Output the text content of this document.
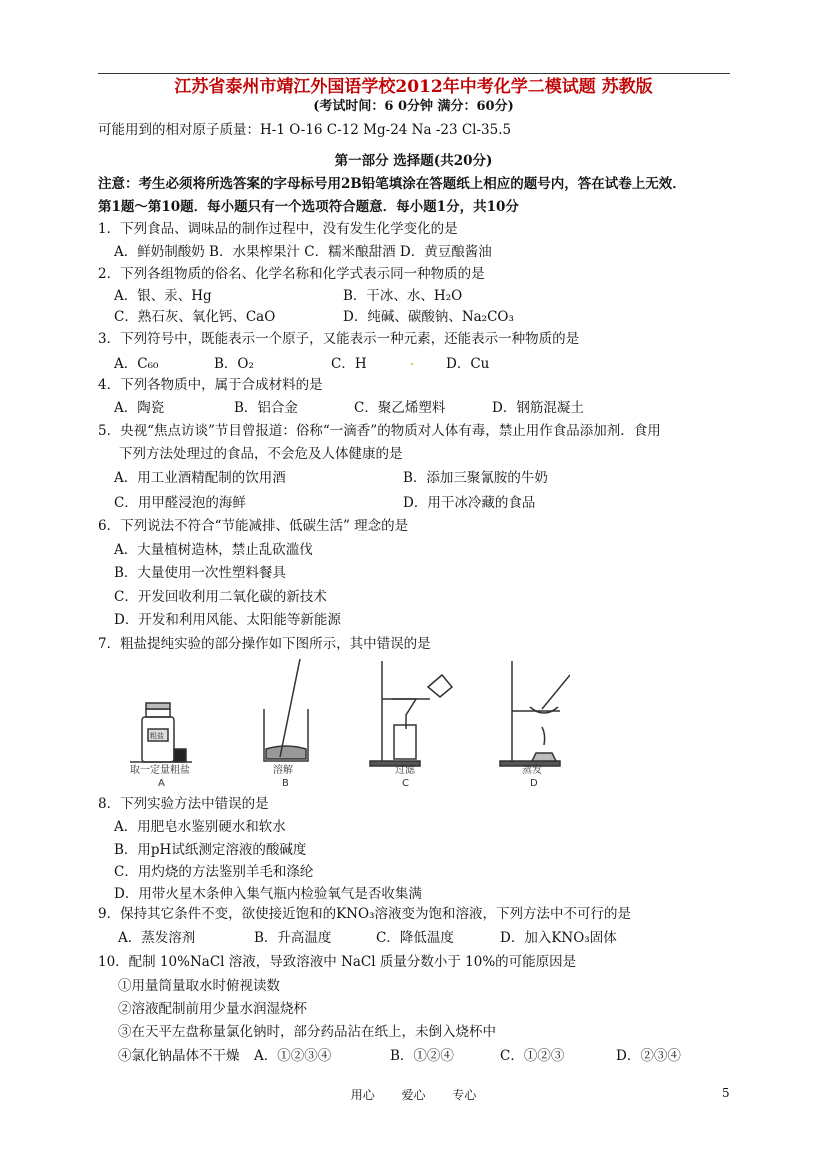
江苏省泰州市靖江外国语学校2012年中考化学二模试题 苏教版
(考试时间：6 0分钟 满分：60分)
可能用到的相对原子质量：H-1 O-16 C-12 Mg-24 Na -23 Cl-35.5
第一部分 选择题(共20分)
注意：考生必须将所选答案的字母标号用2B铅笔填涂在答题纸上相应的题号内，答在试卷上无效．
第1题～第10题．每小题只有一个选项符合题意．每小题1分，共10分
1．下列食品、调味品的制作过程中，没有发生化学变化的是
A．鲜奶制酸奶 B．水果榨果汁 C．糯米酿甜酒 D．黄豆酿酱油
2．下列各组物质的俗名、化学名称和化学式表示同一种物质的是
A．银、汞、Hg	B．干冰、水、H₂O
C．熟石灰、氧化钙、CaO	D．纯碱、碳酸钠、Na₂CO₃
3．下列符号中，既能表示一个原子，又能表示一种元素，还能表示一种物质的是
A．C₆₀	B．O₂	C．H	. D．Cu
4．下列各物质中，属于合成材料的是
A．陶瓷	B．铝合金	C．聚乙烯塑料	D．钢筋混凝土
5．央视“焦点访谈”节目曾报道：俗称“一滴香”的物质对人体有毒，禁止用作食品添加剂．食用
下列方法处理过的食品，不会危及人体健康的是
A．用工业酒精配制的饮用酒	B．添加三聚氰胺的牛奶
C．用甲醛浸泡的海鲜	D．用干冰冷藏的食品
6．下列说法不符合“节能减排、低碳生活” 理念的是
A．大量植树造林，禁止乱砍滥伐
B．大量使用一次性塑料餐具
C．开发回收利用二氧化碳的新技术
D．开发和利用风能、太阳能等新能源
7．粗盐提纯实验的部分操作如下图所示，其中错误的是
粗盐
取一定量粗盐
A
溶解
B
过滤
C
蒸发
D
8．下列实验方法中错误的是
A．用肥皂水鉴别硬水和软水
B．用pH试纸测定溶液的酸碱度
C．用灼烧的方法鉴别羊毛和涤纶
D．用带火星木条伸入集气瓶内检验氧气是否收集满
9．保持其它条件不变，欲使接近饱和的KNO₃溶液变为饱和溶液，下列方法中不可行的是
A．蒸发溶剂	B．升高温度	C．降低温度	D．加入KNO₃固体
10．配制 10%NaCl 溶液，导致溶液中 NaCl 质量分数小于 10%的可能原因是
①用量筒量取水时俯视读数
②溶液配制前用少量水润湿烧杯
③在天平左盘称量氯化钠时，部分药品沾在纸上，未倒入烧杯中
④氯化钠晶体不干燥 A．①②③④	B．①②④	C．①②③	D．②③④
用心       爱心       专心	5
